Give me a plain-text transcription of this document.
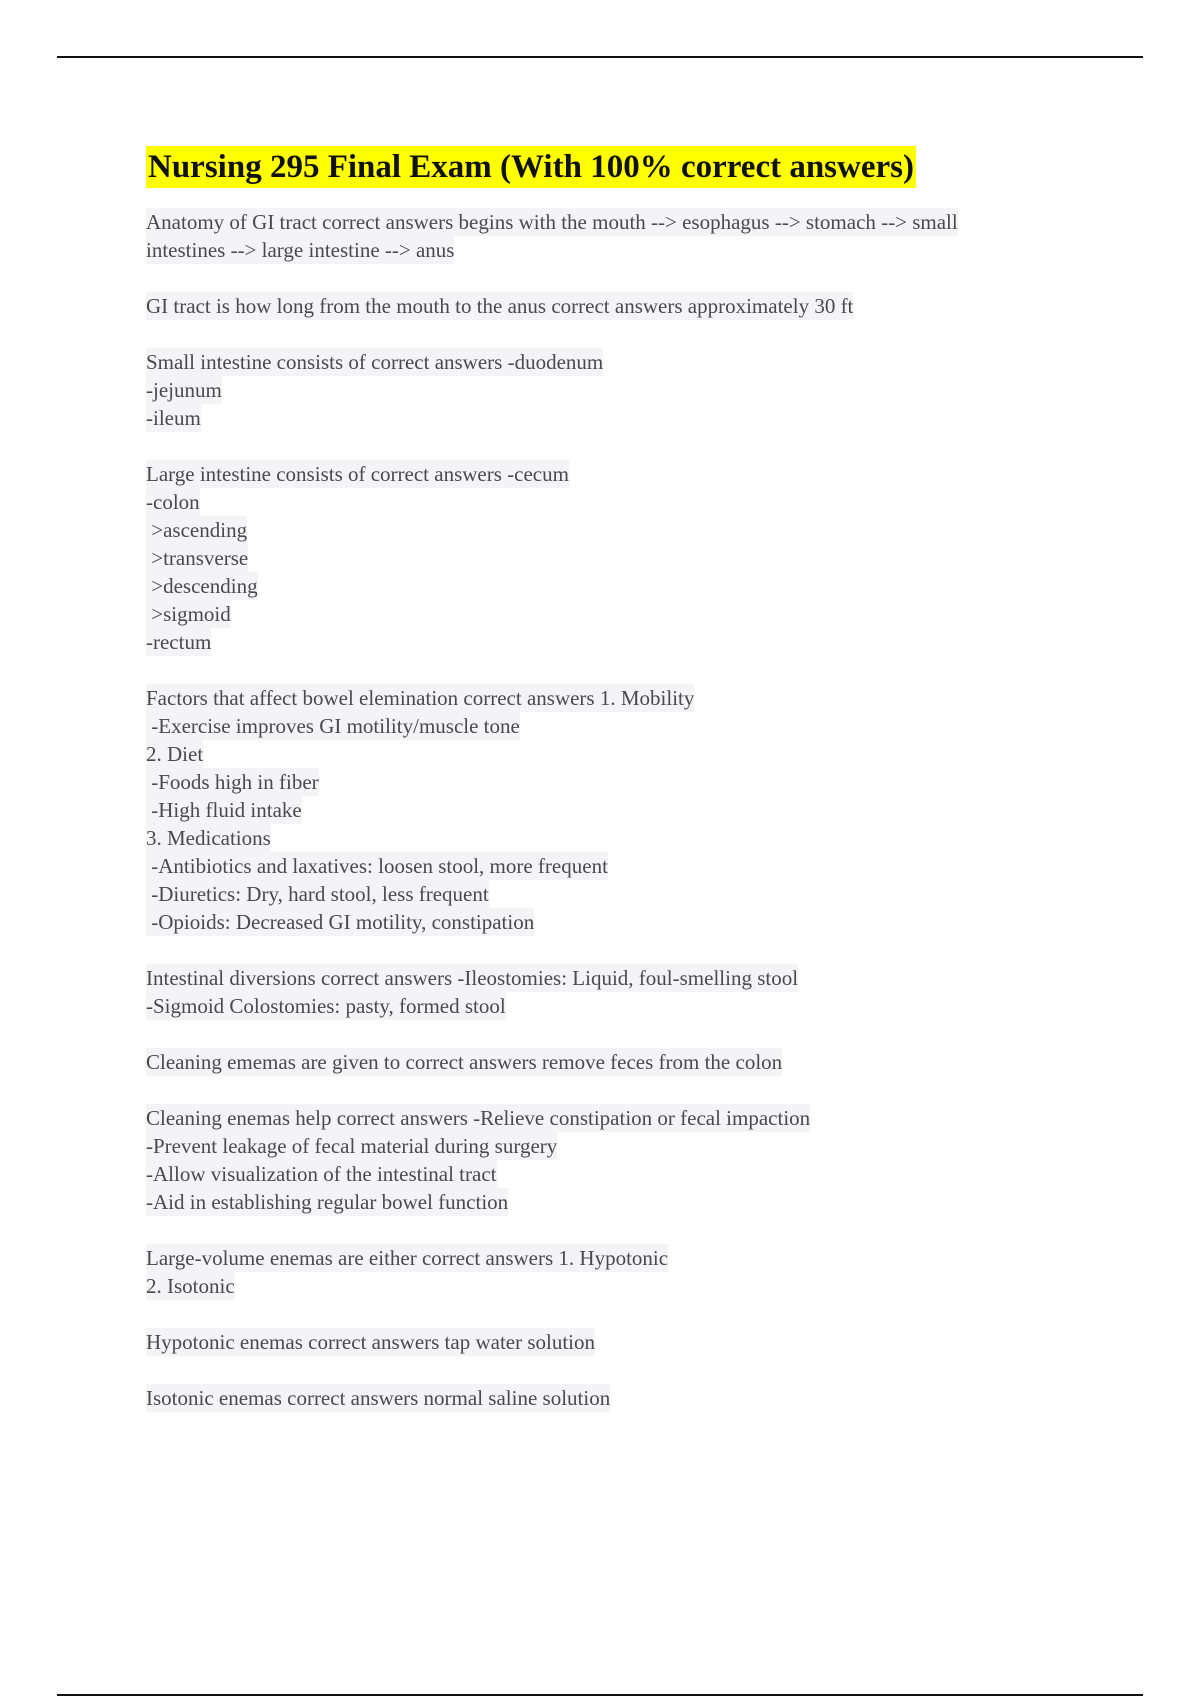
Nursing 295 Final Exam (With 100% correct answers)
Anatomy of GI tract correct answers begins with the mouth --> esophagus --> stomach --> small
intestines --> large intestine --> anus
GI tract is how long from the mouth to the anus correct answers approximately 30 ft
Small intestine consists of correct answers -duodenum
-jejunum
-ileum
Large intestine consists of correct answers -cecum
-colon
>ascending
>transverse
>descending
>sigmoid
-rectum
Factors that affect bowel elemination correct answers 1. Mobility
-Exercise improves GI motility/muscle tone
2. Diet
-Foods high in fiber
-High fluid intake
3. Medications
-Antibiotics and laxatives: loosen stool, more frequent
-Diuretics: Dry, hard stool, less frequent
-Opioids: Decreased GI motility, constipation
Intestinal diversions correct answers -Ileostomies: Liquid, foul-smelling stool
-Sigmoid Colostomies: pasty, formed stool
Cleaning ememas are given to correct answers remove feces from the colon
Cleaning enemas help correct answers -Relieve constipation or fecal impaction
-Prevent leakage of fecal material during surgery
-Allow visualization of the intestinal tract
-Aid in establishing regular bowel function
Large-volume enemas are either correct answers 1. Hypotonic
2. Isotonic
Hypotonic enemas correct answers tap water solution
Isotonic enemas correct answers normal saline solution
